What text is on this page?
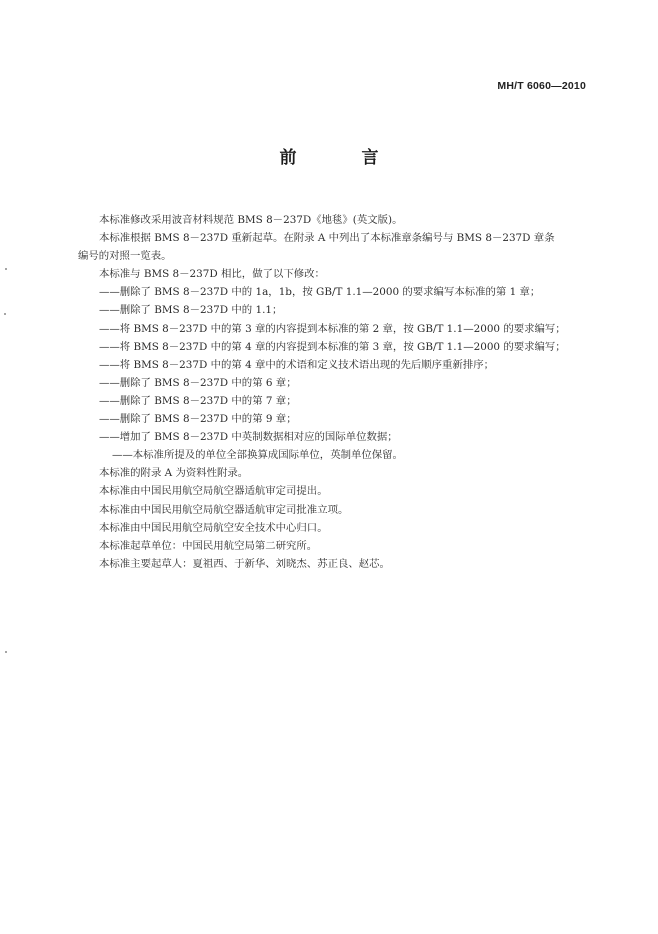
MH/T 6060—2010
前　言

本标准修改采用波音材料规范 BMS 8－237D《地毯》(英文版)。

本标准根据 BMS 8－237D 重新起草。在附录 A 中列出了本标准章条编号与 BMS 8－237D 章条

编号的对照一览表。

本标准与 BMS 8－237D 相比，做了以下修改：

——删除了 BMS 8－237D 中的 1a，1b，按 GB/T 1.1—2000 的要求编写本标准的第 1 章；

——删除了 BMS 8－237D 中的 1.1；

——将 BMS 8－237D 中的第 3 章的内容提到本标准的第 2 章，按 GB/T 1.1—2000 的要求编写；

——将 BMS 8－237D 中的第 4 章的内容提到本标准的第 3 章，按 GB/T 1.1—2000 的要求编写；

——将 BMS 8－237D 中的第 4 章中的术语和定义技术语出现的先后顺序重新排序；

——删除了 BMS 8－237D 中的第 6 章；

——删除了 BMS 8－237D 中的第 7 章；

——删除了 BMS 8－237D 中的第 9 章；

——增加了 BMS 8－237D 中英制数据相对应的国际单位数据；

——本标准所提及的单位全部换算成国际单位，英制单位保留。

本标准的附录 A 为资料性附录。

本标准由中国民用航空局航空器适航审定司提出。

本标准由中国民用航空局航空器适航审定司批准立项。

本标准由中国民用航空局航空安全技术中心归口。

本标准起草单位：中国民用航空局第二研究所。

本标准主要起草人：夏祖西、于新华、刘晓杰、苏正良、赵芯。
